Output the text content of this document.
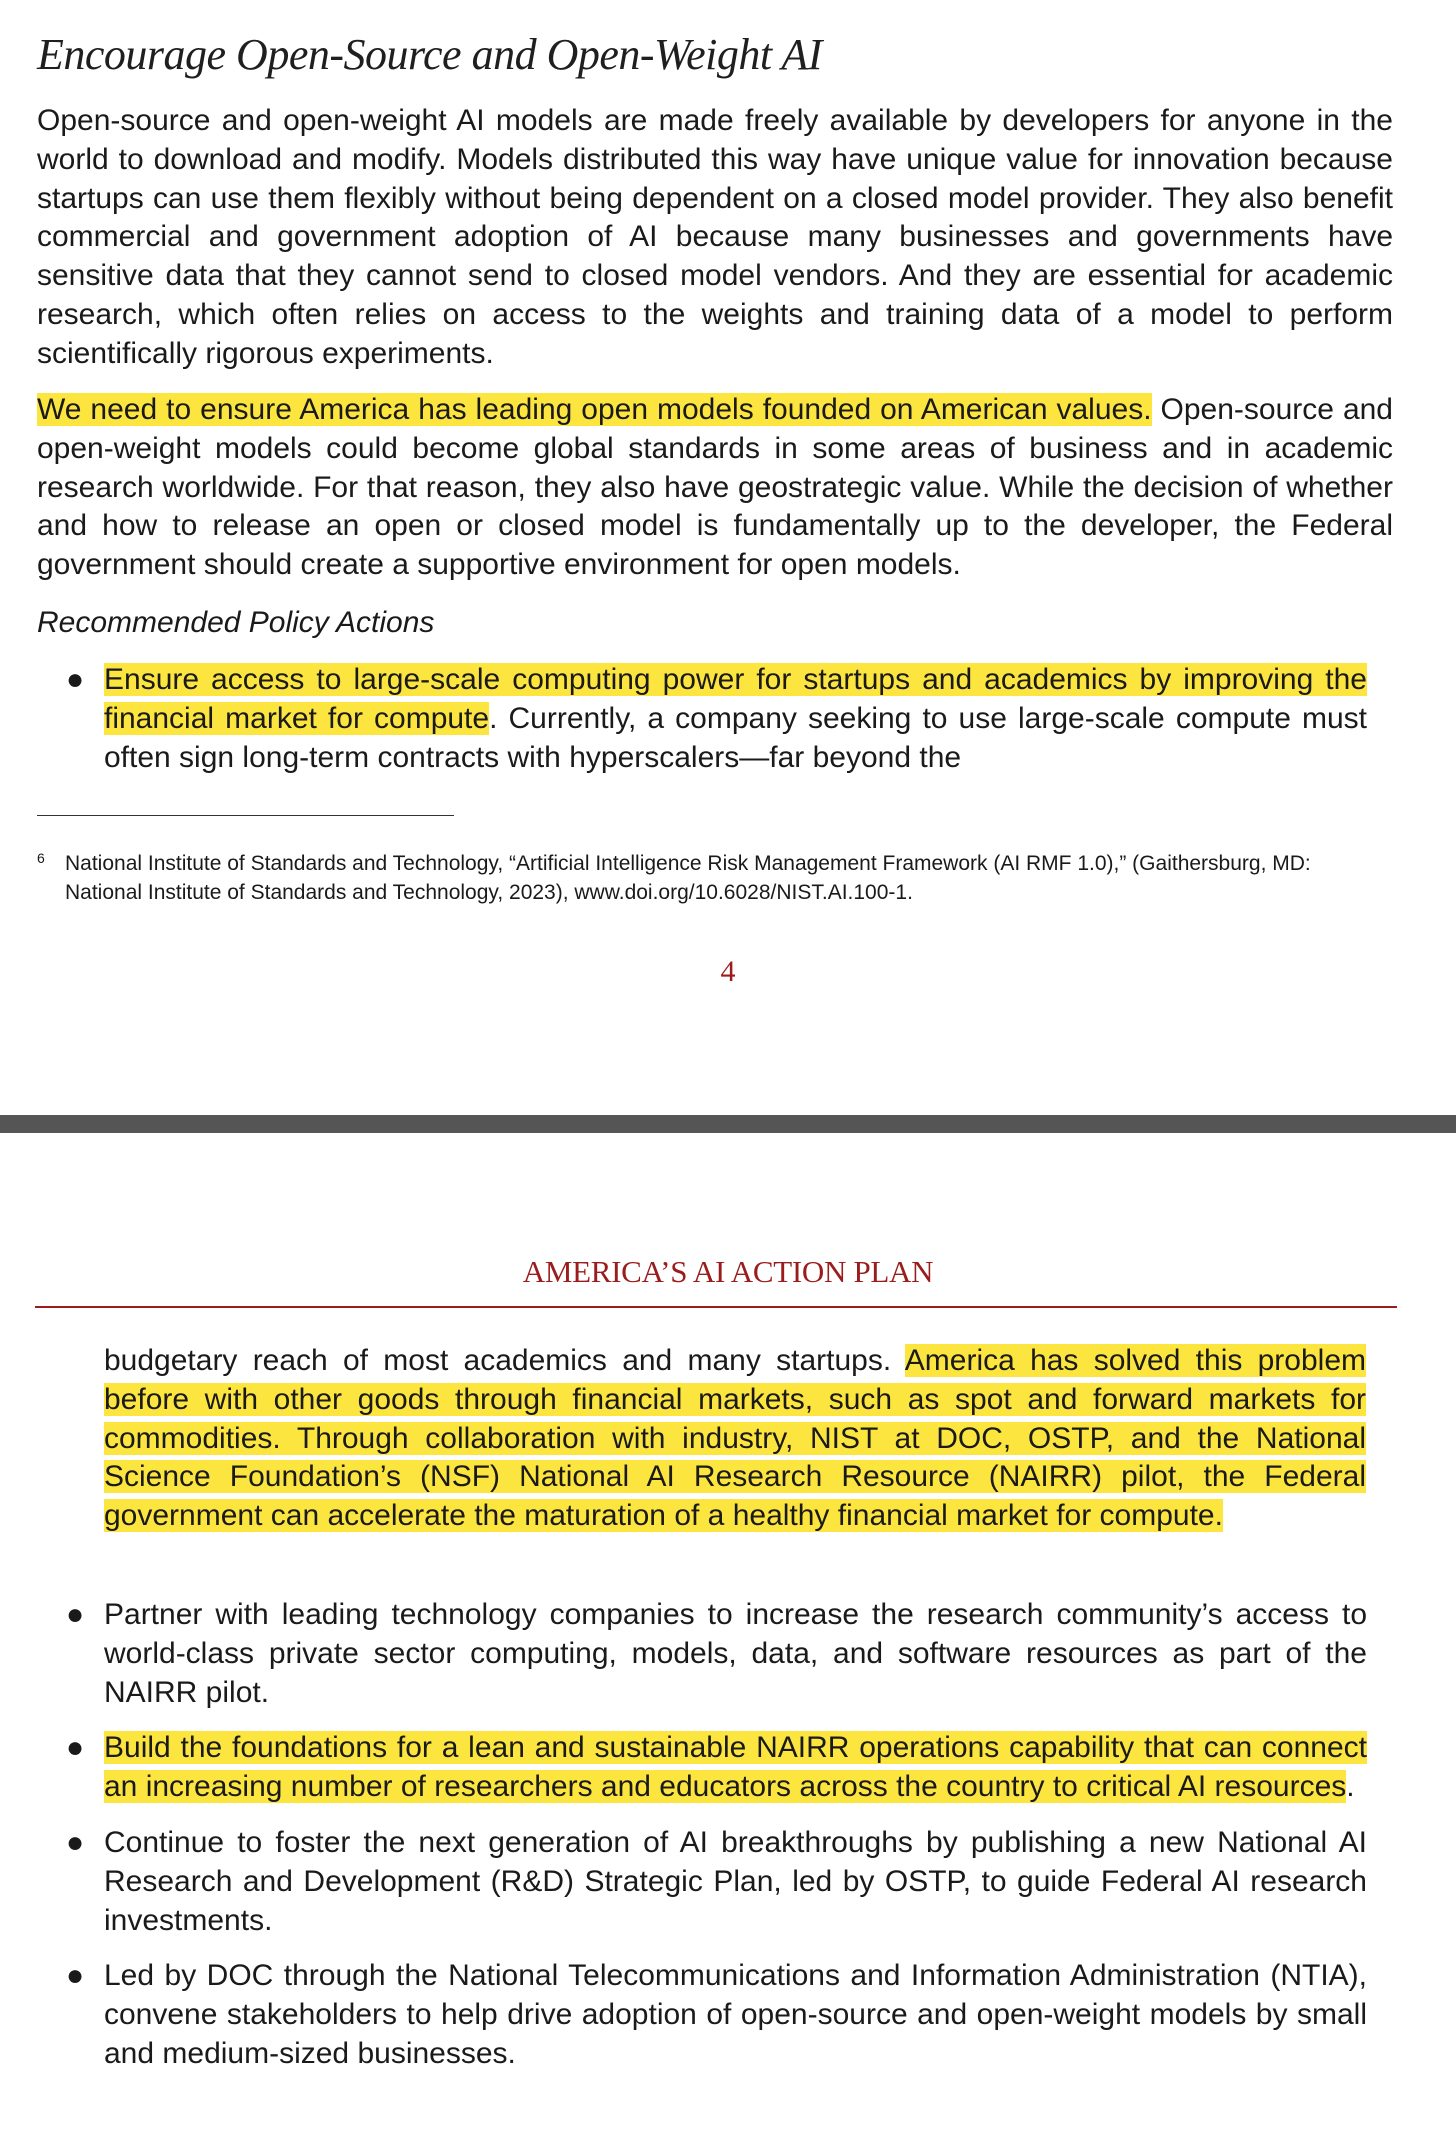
Encourage Open-Source and Open-Weight AI

Open-source and open-weight AI models are made freely available by developers for anyone in the world to download and modify. Models distributed this way have unique value for innovation because startups can use them flexibly without being dependent on a closed model provider. They also benefit commercial and government adoption of AI because many businesses and governments have sensitive data that they cannot send to closed model vendors. And they are essential for academic research, which often relies on access to the weights and training data of a model to perform scientifically rigorous experiments.

We need to ensure America has leading open models founded on American values. Open-source and open-weight models could become global standards in some areas of business and in academic research worldwide. For that reason, they also have geostrategic value. While the decision of whether and how to release an open or closed model is fundamentally up to the developer, the Federal government should create a supportive environment for open models.

Recommended Policy Actions

● Ensure access to large-scale computing power for startups and academics by improving the financial market for compute. Currently, a company seeking to use large-scale compute must often sign long-term contracts with hyperscalers—far beyond the

6 National Institute of Standards and Technology, “Artificial Intelligence Risk Management Framework (AI RMF 1.0),” (Gaithersburg, MD: National Institute of Standards and Technology, 2023), www.doi.org/10.6028/NIST.AI.100-1.
4
AMERICA’S AI ACTION PLAN

budgetary reach of most academics and many startups. America has solved this problem before with other goods through financial markets, such as spot and forward markets for commodities. Through collaboration with industry, NIST at DOC, OSTP, and the National Science Foundation’s (NSF) National AI Research Resource (NAIRR) pilot, the Federal government can accelerate the maturation of a healthy financial market for compute.

● Partner with leading technology companies to increase the research community’s access to world-class private sector computing, models, data, and software resources as part of the NAIRR pilot.

● Build the foundations for a lean and sustainable NAIRR operations capability that can connect an increasing number of researchers and educators across the country to critical AI resources.

● Continue to foster the next generation of AI breakthroughs by publishing a new National AI Research and Development (R&D) Strategic Plan, led by OSTP, to guide Federal AI research investments.

● Led by DOC through the National Telecommunications and Information Administration (NTIA), convene stakeholders to help drive adoption of open-source and open-weight models by small and medium-sized businesses.
